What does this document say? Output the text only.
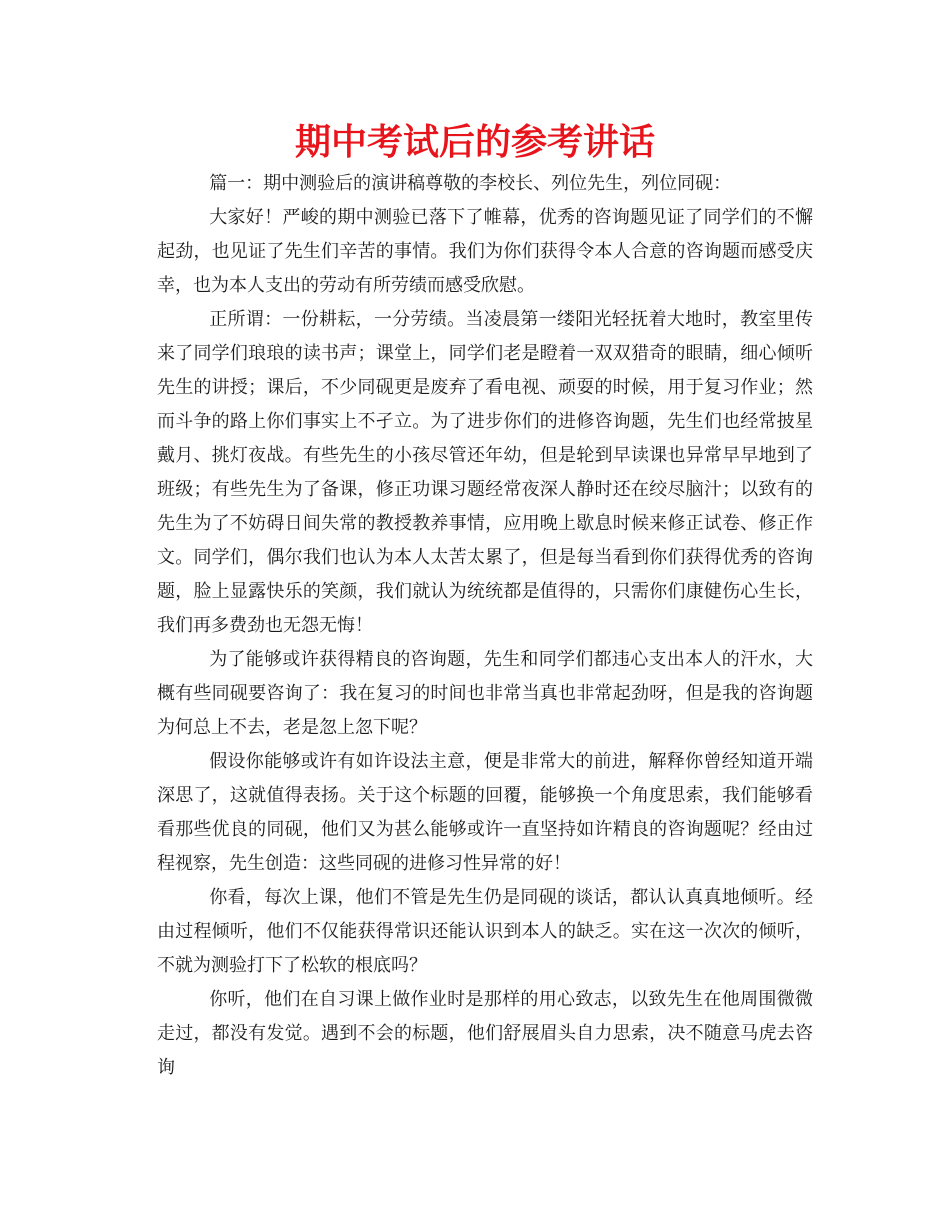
期中考试后的参考讲话

篇一：期中测验后的演讲稿尊敬的李校长、列位先生，列位同砚：

大家好！严峻的期中测验已落下了帷幕，优秀的咨询题见证了同学们的不懈起劲，也见证了先生们辛苦的事情。我们为你们获得令本人合意的咨询题而感受庆幸，也为本人支出的劳动有所劳绩而感受欣慰。

正所谓：一份耕耘，一分劳绩。当凌晨第一缕阳光轻抚着大地时，教室里传来了同学们琅琅的读书声；课堂上，同学们老是瞪着一双双猎奇的眼睛，细心倾听先生的讲授；课后，不少同砚更是废弃了看电视、顽耍的时候，用于复习作业；然而斗争的路上你们事实上不孑立。为了进步你们的进修咨询题，先生们也经常披星戴月、挑灯夜战。有些先生的小孩尽管还年幼，但是轮到早读课也异常早早地到了班级；有些先生为了备课，修正功课习题经常夜深人静时还在绞尽脑汁；以致有的先生为了不妨碍日间失常的教授教养事情，应用晚上歇息时候来修正试卷、修正作文。同学们，偶尔我们也认为本人太苦太累了，但是每当看到你们获得优秀的咨询题，脸上显露快乐的笑颜，我们就认为统统都是值得的，只需你们康健伤心生长，我们再多费劲也无怨无悔！

为了能够或许获得精良的咨询题，先生和同学们都违心支出本人的汗水，大概有些同砚要咨询了：我在复习的时间也非常当真也非常起劲呀，但是我的咨询题为何总上不去，老是忽上忽下呢？

假设你能够或许有如许设法主意，便是非常大的前进，解释你曾经知道开端深思了，这就值得表扬。关于这个标题的回覆，能够换一个角度思索，我们能够看看那些优良的同砚，他们又为甚么能够或许一直坚持如许精良的咨询题呢？经由过程视察，先生创造：这些同砚的进修习性异常的好！

你看，每次上课，他们不管是先生仍是同砚的谈话，都认认真真地倾听。经由过程倾听，他们不仅能获得常识还能认识到本人的缺乏。实在这一次次的倾听，不就为测验打下了松软的根底吗？

你听，他们在自习课上做作业时是那样的用心致志，以致先生在他周围微微走过，都没有发觉。遇到不会的标题，他们舒展眉头自力思索，决不随意马虎去咨询
